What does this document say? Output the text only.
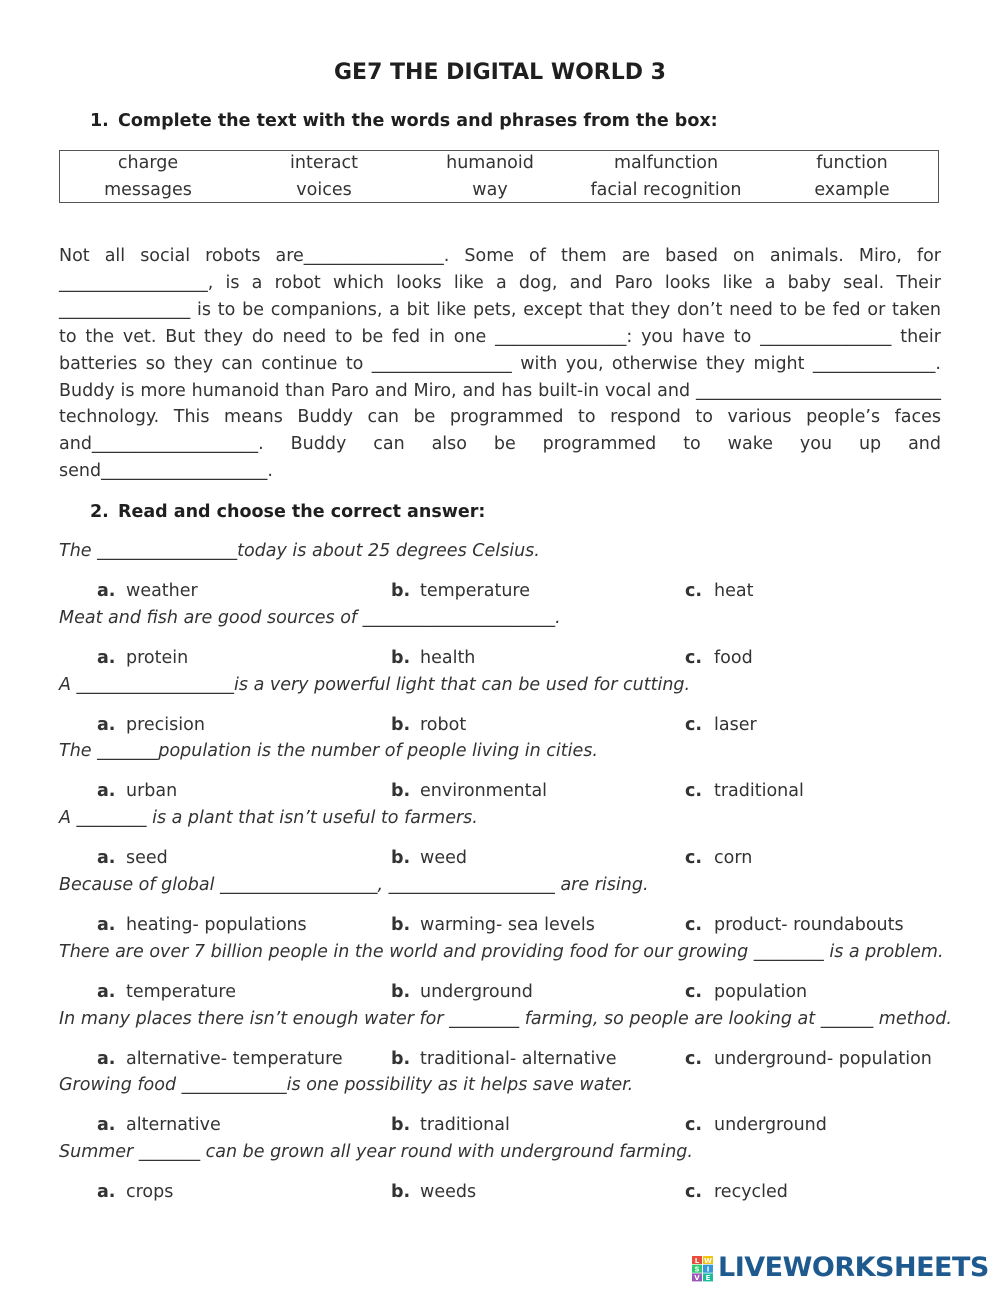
GE7 THE DIGITAL WORLD 3
1. Complete the text with the words and phrases from the box:
charge	interact	humanoid	malfunction	function
messages	voices	way	facial recognition	example
Not all social robots are________________. Some of them are based on animals. Miro, for _________________, is a robot which looks like a dog, and Paro looks like a baby seal. Their _______________ is to be companions, a bit like pets, except that they don’t need to be fed or taken to the vet. But they do need to be fed in one _______________: you have to _______________ their batteries so they can continue to ________________ with you, otherwise they might ______________. Buddy is more humanoid than Paro and Miro, and has built-in vocal and ____________________________ technology. This means Buddy can be programmed to respond to various people’s faces and___________________. Buddy can also be programmed to wake you up and send___________________.
2. Read and choose the correct answer:
The ________________today is about 25 degrees Celsius.
a. weather	b. temperature	c. heat
Meat and fish are good sources of ______________________.
a. protein	b. health	c. food
A __________________is a very powerful light that can be used for cutting.
a. precision	b. robot	c. laser
The _______population is the number of people living in cities.
a. urban	b. environmental	c. traditional
A ________ is a plant that isn’t useful to farmers.
a. seed	b. weed	c. corn
Because of global __________________, ___________________ are rising.
a. heating- populations	b. warming- sea levels	c. product- roundabouts
There are over 7 billion people in the world and providing food for our growing ________ is a problem.
a. temperature	b. underground	c. population
In many places there isn’t enough water for ________ farming, so people are looking at ______ method.
a. alternative- temperature	b. traditional- alternative	c. underground- population
Growing food ____________is one possibility as it helps save water.
a. alternative	b. traditional	c. underground
Summer _______ can be grown all year round with underground farming.
a. crops	b. weeds	c. recycled
L W
S I
V E LIVEWORKSHEETS
